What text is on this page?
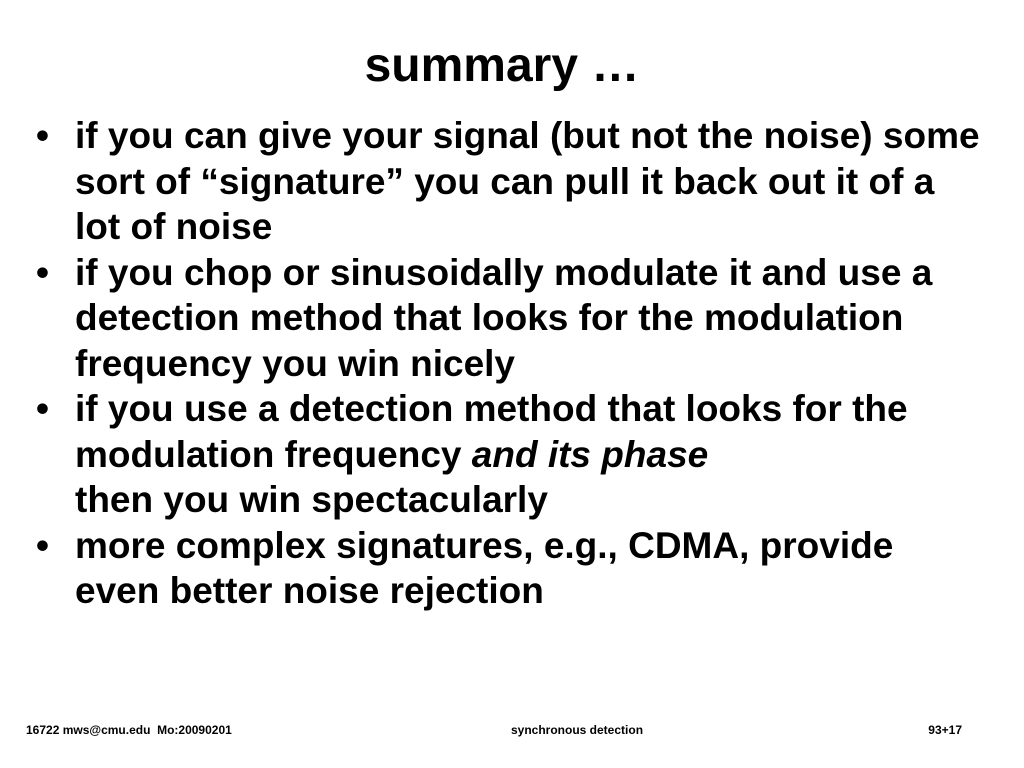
summary …
• if you can give your signal (but not the noise) some sort of “signature” you can pull it back out it of a lot of noise
• if you chop or sinusoidally modulate it and use a detection method that looks for the modulation frequency you win nicely
• if you use a detection method that looks for the modulation frequency and its phase
then you win spectacularly
• more complex signatures, e.g., CDMA, provide even better noise rejection
16722 mws@cmu.edu  Mo:20090201	synchronous detection	93+17
